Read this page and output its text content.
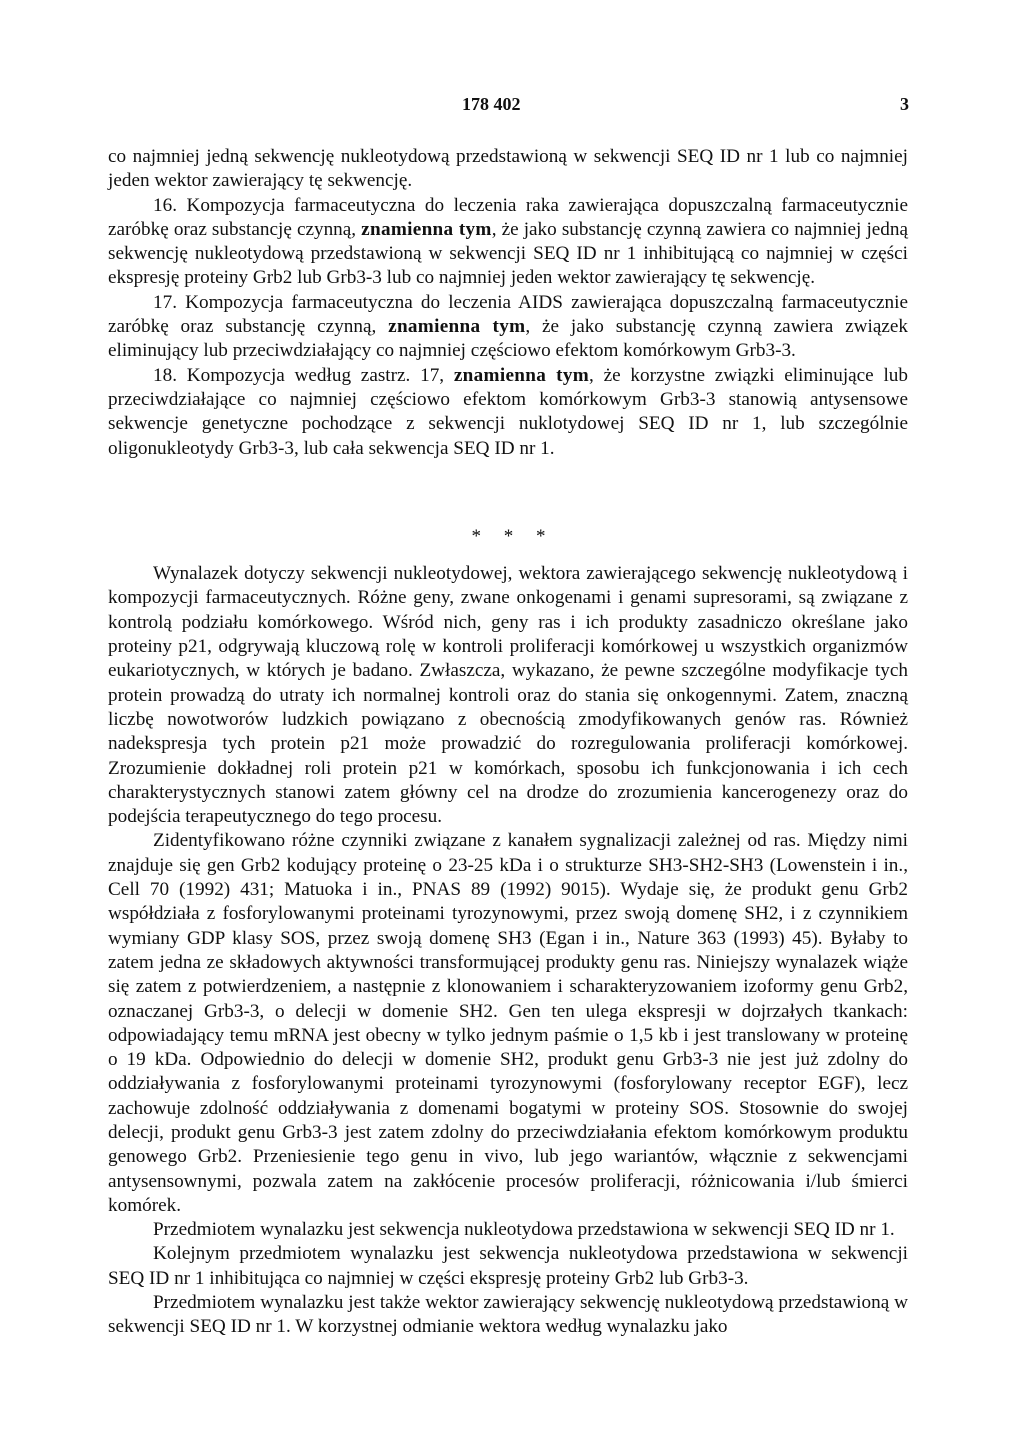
178 402	3

co najmniej jedną sekwencję nukleotydową przedstawioną w sekwencji SEQ ID nr 1 lub co najmniej jeden wektor zawierający tę sekwencję.

16. Kompozycja farmaceutyczna do leczenia raka zawierająca dopuszczalną farmaceutycznie zaróbkę oraz substancję czynną, znamienna tym, że jako substancję czynną zawiera co najmniej jedną sekwencję nukleotydową przedstawioną w sekwencji SEQ ID nr 1 inhibitującą co najmniej w części ekspresję proteiny Grb2 lub Grb3-3 lub co najmniej jeden wektor zawierający tę sekwencję.

17. Kompozycja farmaceutyczna do leczenia AIDS zawierająca dopuszczalną farmaceutycznie zaróbkę oraz substancję czynną, znamienna tym, że jako substancję czynną zawiera związek eliminujący lub przeciwdziałający co najmniej częściowo efektom komórkowym Grb3-3.

18. Kompozycja według zastrz. 17, znamienna tym, że korzystne związki eliminujące lub przeciwdziałające co najmniej częściowo efektom komórkowym Grb3-3 stanowią antysensowe sekwencje genetyczne pochodzące z sekwencji nuklotydowej SEQ ID nr 1, lub szczególnie oligonukleotydy Grb3-3, lub cała sekwencja SEQ ID nr 1.

* * *

Wynalazek dotyczy sekwencji nukleotydowej, wektora zawierającego sekwencję nukleotydową i kompozycji farmaceutycznych. Różne geny, zwane onkogenami i genami supresorami, są związane z kontrolą podziału komórkowego. Wśród nich, geny ras i ich produkty zasadniczo określane jako proteiny p21, odgrywają kluczową rolę w kontroli proliferacji komórkowej u wszystkich organizmów eukariotycznych, w których je badano. Zwłaszcza, wykazano, że pewne szczególne modyfikacje tych protein prowadzą do utraty ich normalnej kontroli oraz do stania się onkogennymi. Zatem, znaczną liczbę nowotworów ludzkich powiązano z obecnością zmodyfikowanych genów ras. Również nadekspresja tych protein p21 może prowadzić do rozregulowania proliferacji komórkowej. Zrozumienie dokładnej roli protein p21 w komórkach, sposobu ich funkcjonowania i ich cech charakterystycznych stanowi zatem główny cel na drodze do zrozumienia kancerogenezy oraz do podejścia terapeutycznego do tego procesu.

Zidentyfikowano różne czynniki związane z kanałem sygnalizacji zależnej od ras. Między nimi znajduje się gen Grb2 kodujący proteinę o 23-25 kDa i o strukturze SH3-SH2-SH3 (Lowenstein i in., Cell 70 (1992) 431; Matuoka i in., PNAS 89 (1992) 9015). Wydaje się, że produkt genu Grb2 współdziała z fosforylowanymi proteinami tyrozynowymi, przez swoją domenę SH2, i z czynnikiem wymiany GDP klasy SOS, przez swoją domenę SH3 (Egan i in., Nature 363 (1993) 45). Byłaby to zatem jedna ze składowych aktywności transformującej produkty genu ras. Niniejszy wynalazek wiąże się zatem z potwierdzeniem, a następnie z klonowaniem i scharakteryzowaniem izoformy genu Grb2, oznaczanej Grb3-3, o delecji w domenie SH2. Gen ten ulega ekspresji w dojrzałych tkankach: odpowiadający temu mRNA jest obecny w tylko jednym paśmie o 1,5 kb i jest translowany w proteinę o 19 kDa. Odpowiednio do delecji w domenie SH2, produkt genu Grb3-3 nie jest już zdolny do oddziaływania z fosforylowanymi proteinami tyrozynowymi (fosforylowany receptor EGF), lecz zachowuje zdolność oddziaływania z domenami bogatymi w proteiny SOS. Stosownie do swojej delecji, produkt genu Grb3-3 jest zatem zdolny do przeciwdziałania efektom komórkowym produktu genowego Grb2. Przeniesienie tego genu in vivo, lub jego wariantów, włącznie z sekwencjami antysensownymi, pozwala zatem na zakłócenie procesów proliferacji, różnicowania i/lub śmierci komórek.

Przedmiotem wynalazku jest sekwencja nukleotydowa przedstawiona w sekwencji SEQ ID nr 1.

Kolejnym przedmiotem wynalazku jest sekwencja nukleotydowa przedstawiona w sekwencji SEQ ID nr 1 inhibitująca co najmniej w części ekspresję proteiny Grb2 lub Grb3-3.

Przedmiotem wynalazku jest także wektor zawierający sekwencję nukleotydową przedstawioną w sekwencji SEQ ID nr 1. W korzystnej odmianie wektora według wynalazku jako
